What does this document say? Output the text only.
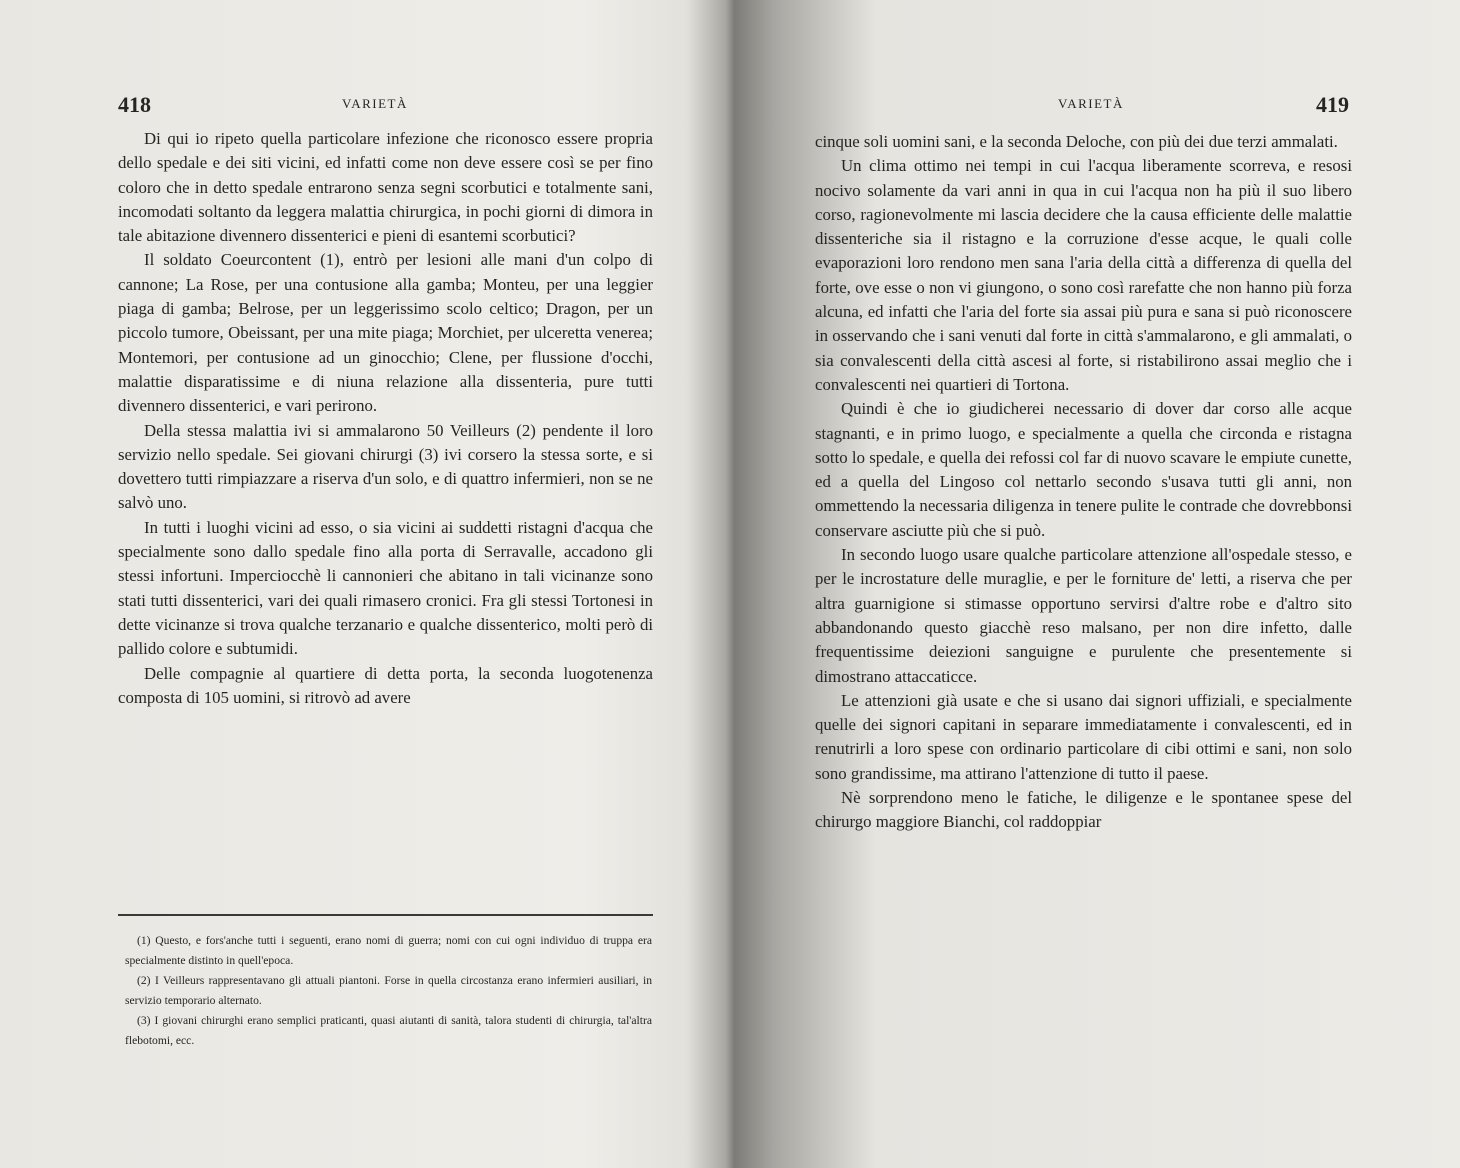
418	VARIETÀ

Di qui io ripeto quella particolare infezione che riconosco essere propria dello spedale e dei siti vicini, ed infatti come non deve essere così se per fino coloro che in detto spedale entrarono senza segni scorbutici e totalmente sani, incomodati soltanto da leggera malattia chirurgica, in pochi giorni di dimora in tale abitazione divennero dissenterici e pieni di esantemi scorbutici?

Il soldato Coeurcontent (1), entrò per lesioni alle mani d'un colpo di cannone; La Rose, per una contusione alla gamba; Monteu, per una leggier piaga di gamba; Belrose, per un leggerissimo scolo celtico; Dragon, per un piccolo tumore, Obeissant, per una mite piaga; Morchiet, per ulceretta venerea; Montemori, per contusione ad un ginocchio; Clene, per flussione d'occhi, malattie disparatissime e di niuna relazione alla dissenteria, pure tutti divennero dissenterici, e vari perirono.

Della stessa malattia ivi si ammalarono 50 Veilleurs (2) pendente il loro servizio nello spedale. Sei giovani chirurgi (3) ivi corsero la stessa sorte, e si dovettero tutti rimpiazzare a riserva d'un solo, e di quattro infermieri, non se ne salvò uno.

In tutti i luoghi vicini ad esso, o sia vicini ai suddetti ristagni d'acqua che specialmente sono dallo spedale fino alla porta di Serravalle, accadono gli stessi infortuni. Imperciocchè li cannonieri che abitano in tali vicinanze sono stati tutti dissenterici, vari dei quali rimasero cronici. Fra gli stessi Tortonesi in dette vicinanze si trova qualche terzanario e qualche dissenterico, molti però di pallido colore e subtumidi.

Delle compagnie al quartiere di detta porta, la seconda luogotenenza composta di 105 uomini, si ritrovò ad avere

(1) Questo, e fors'anche tutti i seguenti, erano nomi di guerra; nomi con cui ogni individuo di truppa era specialmente distinto in quell'epoca.

(2) I Veilleurs rappresentavano gli attuali piantoni. Forse in quella circostanza erano infermieri ausiliari, in servizio temporario alternato.

(3) I giovani chirurghi erano semplici praticanti, quasi aiutanti di sanità, talora studenti di chirurgia, tal'altra flebotomi, ecc.

VARIETÀ	419

cinque soli uomini sani, e la seconda Deloche, con più dei due terzi ammalati.

Un clima ottimo nei tempi in cui l'acqua liberamente scorreva, e resosi nocivo solamente da vari anni in qua in cui l'acqua non ha più il suo libero corso, ragionevolmente mi lascia decidere che la causa efficiente delle malattie dissenteriche sia il ristagno e la corruzione d'esse acque, le quali colle evaporazioni loro rendono men sana l'aria della città a differenza di quella del forte, ove esse o non vi giungono, o sono così rarefatte che non hanno più forza alcuna, ed infatti che l'aria del forte sia assai più pura e sana si può riconoscere in osservando che i sani venuti dal forte in città s'ammalarono, e gli ammalati, o sia convalescenti della città ascesi al forte, si ristabilirono assai meglio che i convalescenti nei quartieri di Tortona.

Quindi è che io giudicherei necessario di dover dar corso alle acque stagnanti, e in primo luogo, e specialmente a quella che circonda e ristagna sotto lo spedale, e quella dei refossi col far di nuovo scavare le empiute cunette, ed a quella del Lingoso col nettarlo secondo s'usava tutti gli anni, non ommettendo la necessaria diligenza in tenere pulite le contrade che dovrebbonsi conservare asciutte più che si può.

In secondo luogo usare qualche particolare attenzione all'ospedale stesso, e per le incrostature delle muraglie, e per le forniture de' letti, a riserva che per altra guarnigione si stimasse opportuno servirsi d'altre robe e d'altro sito abbandonando questo giacchè reso malsano, per non dire infetto, dalle frequentissime deiezioni sanguigne e purulente che presentemente si dimostrano attaccaticce.

Le attenzioni già usate e che si usano dai signori uffiziali, e specialmente quelle dei signori capitani in separare immediatamente i convalescenti, ed in renutrirli a loro spese con ordinario particolare di cibi ottimi e sani, non solo sono grandissime, ma attirano l'attenzione di tutto il paese.

Nè sorprendono meno le fatiche, le diligenze e le spontanee spese del chirurgo maggiore Bianchi, col raddoppiar
